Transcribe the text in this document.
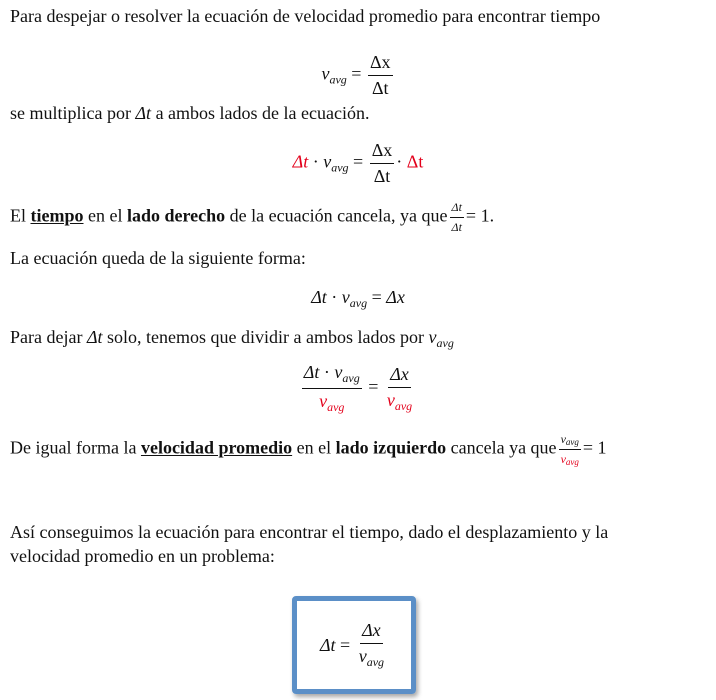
Para despejar o resolver la ecuación de velocidad promedio para encontrar tiempo
$v_{avg} = \frac{\Delta x}{\Delta t}$
se multiplica por Δt a ambos lados de la ecuación.
$\Delta t \cdot v_{avg} = \frac{\Delta x}{\Delta t} \cdot \Delta t$
El tiempo en el lado derecho de la ecuación cancela, ya que $\frac{\Delta t}{\Delta t} = 1$.
La ecuación queda de la siguiente forma:
$\Delta t \cdot v_{avg} = \Delta x$
Para dejar Δt solo, tenemos que dividir a ambos lados por $v_{avg}$
$\frac{\Delta t \cdot v_{avg}}{v_{avg}} = \frac{\Delta x}{v_{avg}}$
De igual forma la velocidad promedio en el lado izquierdo cancela ya que $\frac{v_{avg}}{v_{avg}} = 1$
Así conseguimos la ecuación para encontrar el tiempo, dado el desplazamiento y la
velocidad promedio en un problema:
Δt
=
$\frac{\Delta x}{v_{avg}}$
